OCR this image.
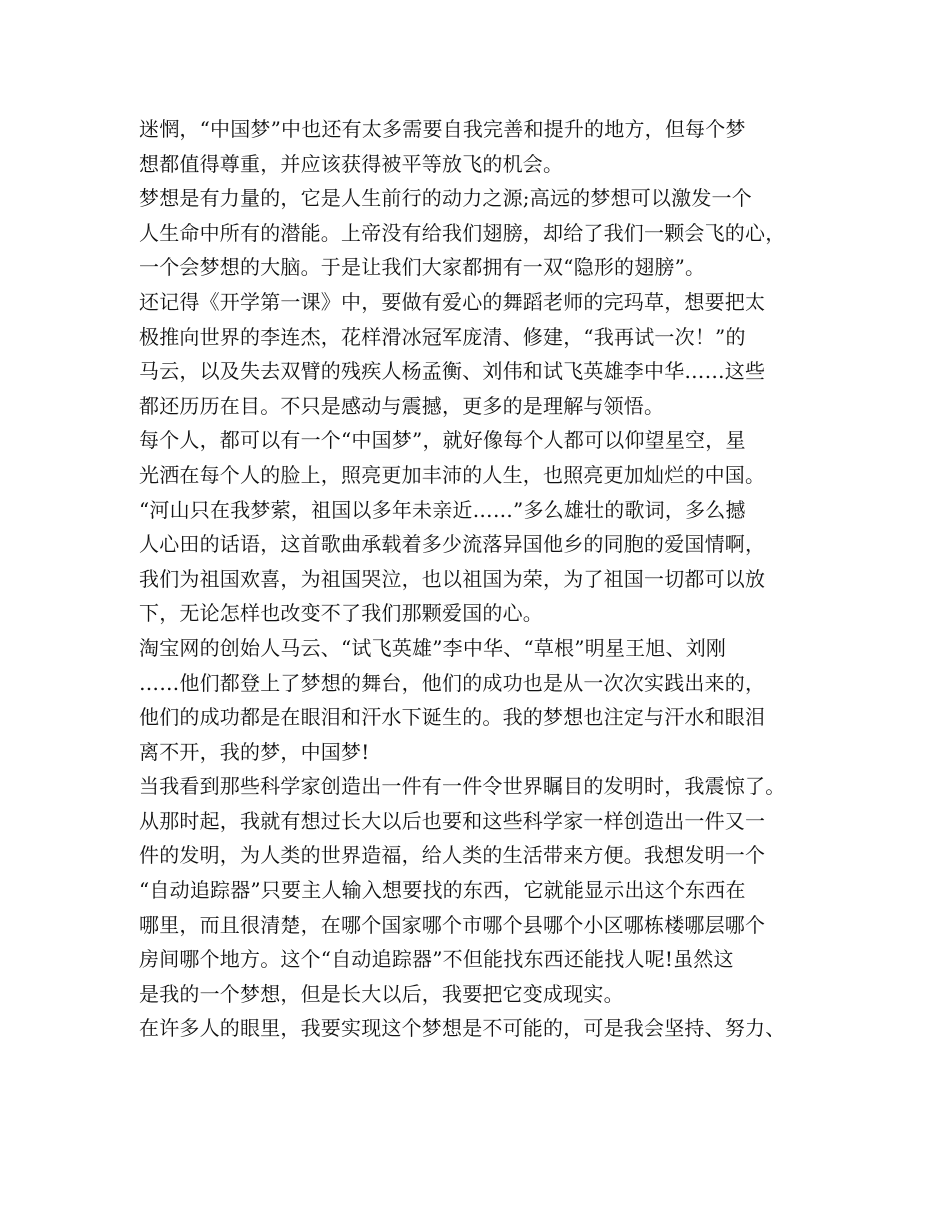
迷惘，“中国梦”中也还有太多需要自我完善和提升的地方，但每个梦
想都值得尊重，并应该获得被平等放飞的机会。
梦想是有力量的，它是人生前行的动力之源;高远的梦想可以激发一个
人生命中所有的潜能。上帝没有给我们翅膀，却给了我们一颗会飞的心，
一个会梦想的大脑。于是让我们大家都拥有一双“隐形的翅膀”。
还记得《开学第一课》中，要做有爱心的舞蹈老师的完玛草，想要把太
极推向世界的李连杰，花样滑冰冠军庞清、修建，“我再试一次！”的
马云，以及失去双臂的残疾人杨孟衡、刘伟和试飞英雄李中华……这些
都还历历在目。不只是感动与震撼，更多的是理解与领悟。
每个人，都可以有一个“中国梦”，就好像每个人都可以仰望星空，星
光洒在每个人的脸上，照亮更加丰沛的人生，也照亮更加灿烂的中国。
“河山只在我梦萦，祖国以多年未亲近……”多么雄壮的歌词，多么撼
人心田的话语，这首歌曲承载着多少流落异国他乡的同胞的爱国情啊，
我们为祖国欢喜，为祖国哭泣，也以祖国为荣，为了祖国一切都可以放
下，无论怎样也改变不了我们那颗爱国的心。
淘宝网的创始人马云、“试飞英雄”李中华、“草根”明星王旭、刘刚
……他们都登上了梦想的舞台，他们的成功也是从一次次实践出来的，
他们的成功都是在眼泪和汗水下诞生的。我的梦想也注定与汗水和眼泪
离不开，我的梦，中国梦!
当我看到那些科学家创造出一件有一件令世界瞩目的发明时，我震惊了。
从那时起，我就有想过长大以后也要和这些科学家一样创造出一件又一
件的发明，为人类的世界造福，给人类的生活带来方便。我想发明一个
“自动追踪器”只要主人输入想要找的东西，它就能显示出这个东西在
哪里，而且很清楚，在哪个国家哪个市哪个县哪个小区哪栋楼哪层哪个
房间哪个地方。这个“自动追踪器”不但能找东西还能找人呢!虽然这
是我的一个梦想，但是长大以后，我要把它变成现实。
在许多人的眼里，我要实现这个梦想是不可能的，可是我会坚持、努力、
